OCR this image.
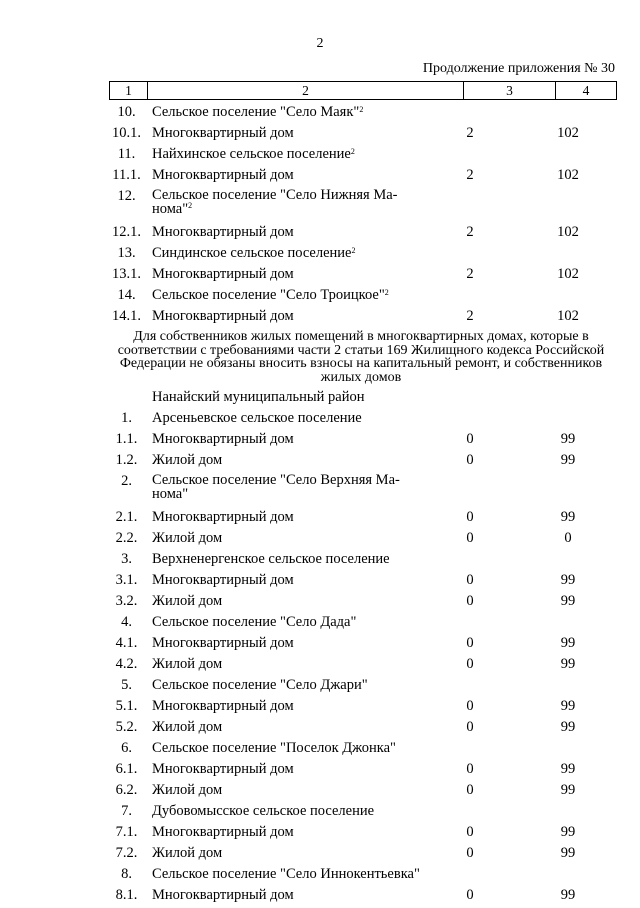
2
Продолжение приложения № 30
1	2	3	4
10.	Сельское поселение "Село Маяк"$^2$
10.1. Многоквартирный дом	2	102
11.	Найхинское сельское поселение$^2$
11.1. Многоквартирный дом	2	102
12.	Сельское поселение "Село Нижняя Ма-
нома"$^2$
12.1. Многоквартирный дом	2	102
13.	Синдинское сельское поселение$^2$
13.1. Многоквартирный дом	2	102
14.	Сельское поселение "Село Троицкое"$^2$
14.1. Многоквартирный дом	2	102
Для собственников жилых помещений в многоквартирных домах, которые в соответствии с требованиями части 2 статьи 169 Жилищного кодекса Российской Федерации не обязаны вносить взносы на капитальный ремонт, и собственников жилых домов
Нанайский муниципальный район
1.	Арсеньевское сельское поселение
1.1.	Многоквартирный дом	0	99
1.2.	Жилой дом	0	99
2.	Сельское поселение "Село Верхняя Ма-
нома"
2.1.	Многоквартирный дом	0	99
2.2.	Жилой дом	0	0
3.	Верхненергенское сельское поселение
3.1.	Многоквартирный дом	0	99
3.2.	Жилой дом	0	99
4.	Сельское поселение "Село Дада"
4.1.	Многоквартирный дом	0	99
4.2.	Жилой дом	0	99
5.	Сельское поселение "Село Джари"
5.1.	Многоквартирный дом	0	99
5.2.	Жилой дом	0	99
6.	Сельское поселение "Поселок Джонка"
6.1.	Многоквартирный дом	0	99
6.2.	Жилой дом	0	99
7.	Дубовомысское сельское поселение
7.1.	Многоквартирный дом	0	99
7.2.	Жилой дом	0	99
8.	Сельское поселение "Село Иннокентьевка"
8.1.	Многоквартирный дом	0	99
